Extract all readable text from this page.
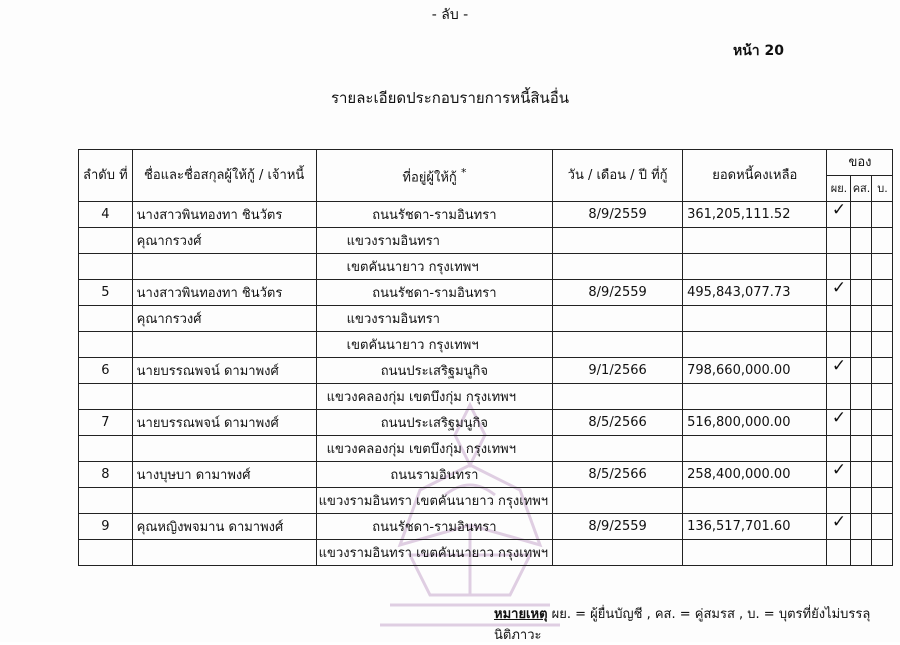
- ลับ -
หน้า 20
รายละเอียดประกอบรายการหนี้สินอื่น
ลำดับ ที่	ชื่อและชื่อสกุลผู้ให้กู้ / เจ้าหนี้	ที่อยู่ผู้ให้กู้ *	วัน / เดือน / ปี ที่กู้	ยอดหนี้คงเหลือ	ของ		
					ผย.	คส.	บ.
4	นางสาวพินทองทา ชินวัตร	ถนนรัชดา-รามอินทรา	8/9/2559	361,205,111.52	✓		
	คุณากรวงศ์	แขวงรามอินทรา					
		เขตคันนายาว กรุงเทพฯ					
5	นางสาวพินทองทา ชินวัตร	ถนนรัชดา-รามอินทรา	8/9/2559	495,843,077.73	✓		
	คุณากรวงศ์	แขวงรามอินทรา					
		เขตคันนายาว กรุงเทพฯ					
6	นายบรรณพจน์ ดามาพงศ์	ถนนประเสริฐมนูกิจ	9/1/2566	798,660,000.00	✓		
		แขวงคลองกุ่ม เขตบึงกุ่ม กรุงเทพฯ					
7	นายบรรณพจน์ ดามาพงศ์	ถนนประเสริฐมนูกิจ	8/5/2566	516,800,000.00	✓		
		แขวงคลองกุ่ม เขตบึงกุ่ม กรุงเทพฯ					
8	นางบุษบา ดามาพงศ์	ถนนรามอินทรา	8/5/2566	258,400,000.00	✓		
		แขวงรามอินทรา เขตคันนายาว กรุงเทพฯ					
9	คุณหญิงพจมาน ดามาพงศ์	ถนนรัชดา-รามอินทรา	8/9/2559	136,517,701.60	✓		
		แขวงรามอินทรา เขตคันนายาว กรุงเทพฯ					
หมายเหตุ ผย. = ผู้ยื่นบัญชี , คส. = คู่สมรส , บ. = บุตรที่ยังไม่บรรลุนิติภาวะ
